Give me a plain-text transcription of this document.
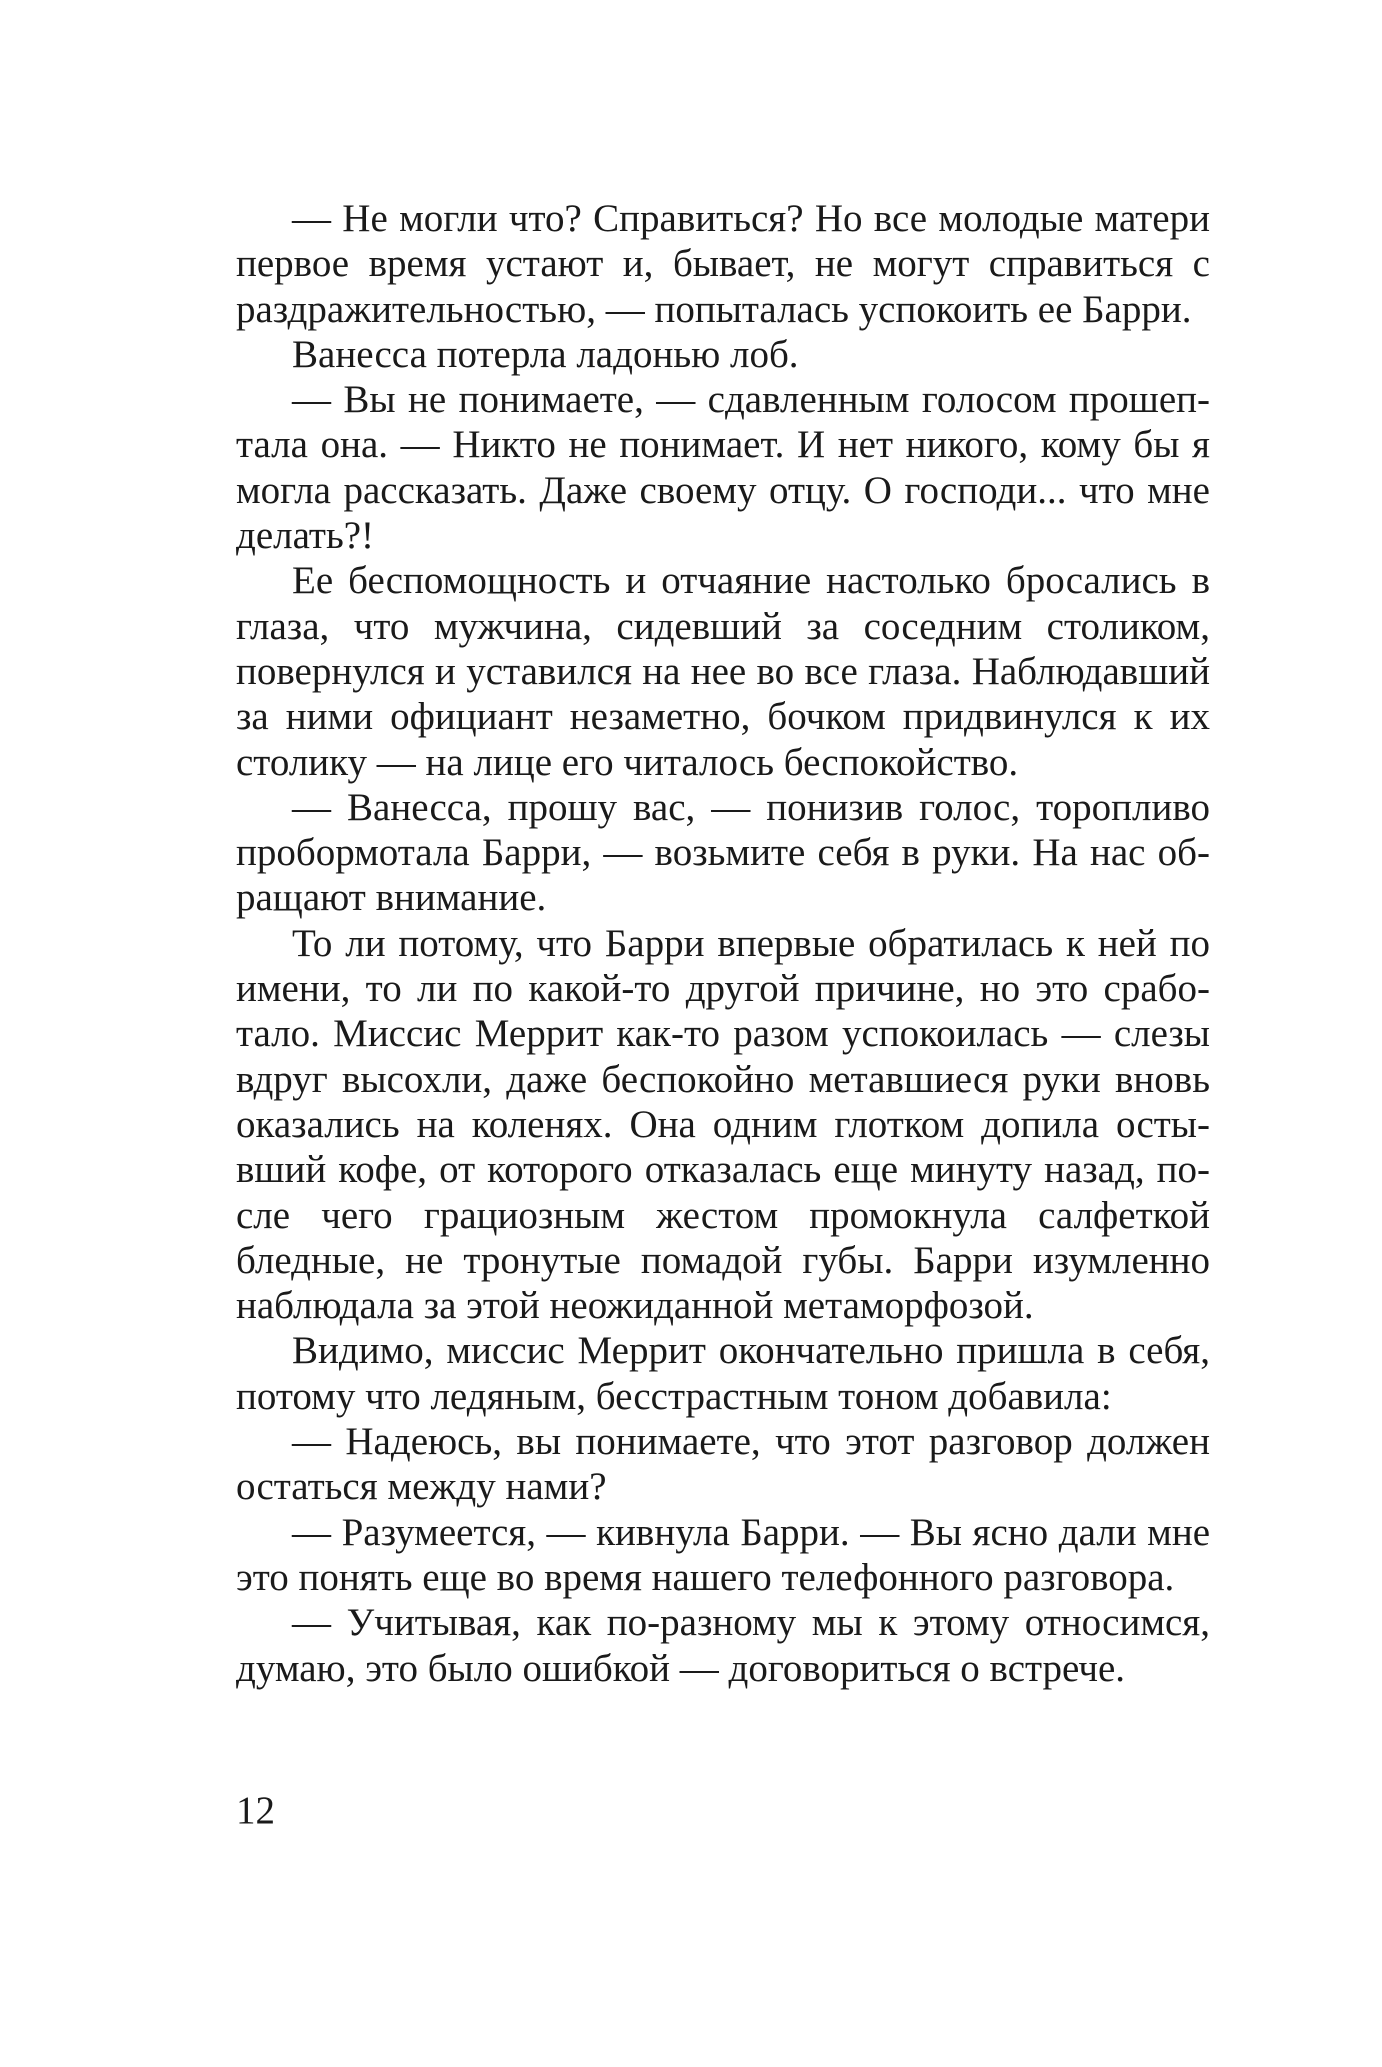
— Не могли что? Справиться? Но все молодые матери первое время устают и, бывает, не могут справиться с раздражительностью, — попыталась успокоить ее Барри.

Ванесса потерла ладонью лоб.

— Вы не понимаете, — сдавленным голосом прошептала она. — Никто не понимает. И нет никого, кому бы я могла рассказать. Даже своему отцу. О господи... что мне делать?!

Ее беспомощность и отчаяние настолько бросались в глаза, что мужчина, сидевший за соседним столиком, повернулся и уставился на нее во все глаза. Наблюдавший за ними официант незаметно, бочком придвинулся к их столику — на лице его читалось беспокойство.

— Ванесса, прошу вас, — понизив голос, торопливо пробормотала Барри, — возьмите себя в руки. На нас обращают внимание.

То ли потому, что Барри впервые обратилась к ней по имени, то ли по какой-то другой причине, но это сработало. Миссис Меррит как-то разом успокоилась — слезы вдруг высохли, даже беспокойно метавшиеся руки вновь оказались на коленях. Она одним глотком допила остывший кофе, от которого отказалась еще минуту назад, после чего грациозным жестом промокнула салфеткой бледные, не тронутые помадой губы. Барри изумленно наблюдала за этой неожиданной метаморфозой.

Видимо, миссис Меррит окончательно пришла в себя, потому что ледяным, бесстрастным тоном добавила:

— Надеюсь, вы понимаете, что этот разговор должен остаться между нами?

— Разумеется, — кивнула Барри. — Вы ясно дали мне это понять еще во время нашего телефонного разговора.

— Учитывая, как по-разному мы к этому относимся, думаю, это было ошибкой — договориться о встрече.

12
